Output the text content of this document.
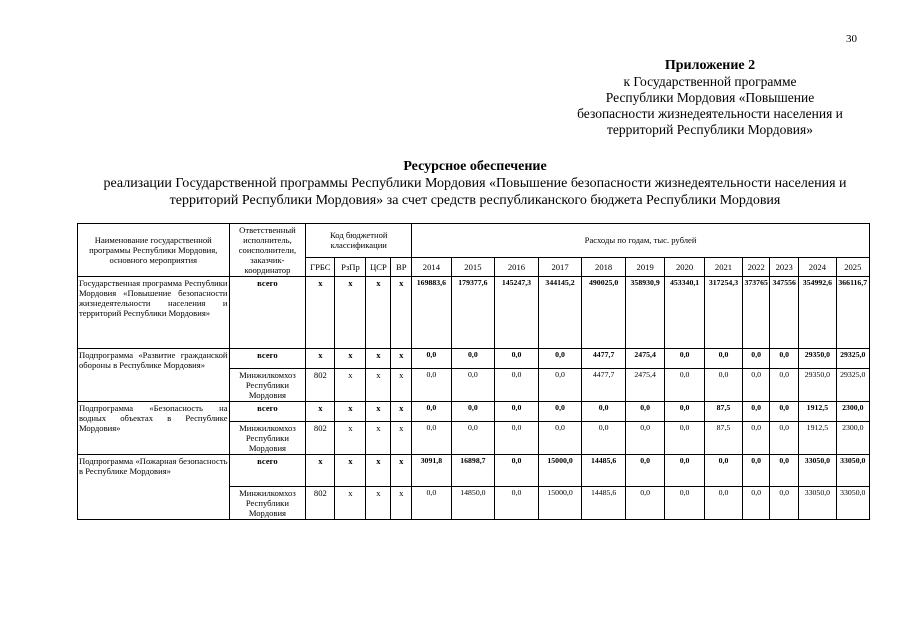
30
Приложение 2
к Государственной программе
Республики Мордовия «Повышение
безопасности жизнедеятельности населения и
территорий Республики Мордовия»
Ресурсное обеспечение
реализации Государственной программы Республики Мордовия «Повышение безопасности жизнедеятельности населения и
территорий Республики Мордовия» за счет средств республиканского бюджета Республики Мордовия
Наименование государственной программы Республики Мордовия, основного мероприятия	Ответственный исполнитель, соисполнители, заказчик-координатор	Код бюджетной классификации				Расходы по годам, тыс. рублей											
		ГРБС	РзПр	ЦСР	ВР	2014	2015	2016	2017	2018	2019	2020	2021	2022	2023	2024	2025
Государственная программа Республики Мордовия «Повышение безопасности жизнедеятельности населения и территорий Республики Мордовия»	всего	х	х	х	х	169883,6	179377,6	145247,3	344145,2	490025,0	358930,9	453340,1	317254,3	373765	347556	354992,6	366116,7
Подпрограмма «Развитие гражданской обороны в Республике Мордовия»	всего	х	х	х	х	0,0	0,0	0,0	0,0	4477,7	2475,4	0,0	0,0	0,0	0,0	29350,0	29325,0
	Минжилкомхоз Республики Мордовия	802	х	х	х	0,0	0,0	0,0	0,0	4477,7	2475,4	0,0	0,0	0,0	0,0	29350,0	29325,0
Подпрограмма «Безопасность на водных объектах в Республике Мордовия»	всего	х	х	х	х	0,0	0,0	0,0	0,0	0,0	0,0	0,0	87,5	0,0	0,0	1912,5	2300,0
	Минжилкомхоз Республики Мордовия	802	х	х	х	0,0	0,0	0,0	0,0	0,0	0,0	0,0	87,5	0,0	0,0	1912,5	2300,0
Подпрограмма «Пожарная безопасность в Республике Мордовия»	всего	х	х	х	х	3091,8	16898,7	0,0	15000,0	14485,6	0,0	0,0	0,0	0,0	0,0	33050,0	33050,0
	Минжилкомхоз Республики Мордовия	802	х	х	х	0,0	14850,0	0,0	15000,0	14485,6	0,0	0,0	0,0	0,0	0,0	33050,0	33050,0
